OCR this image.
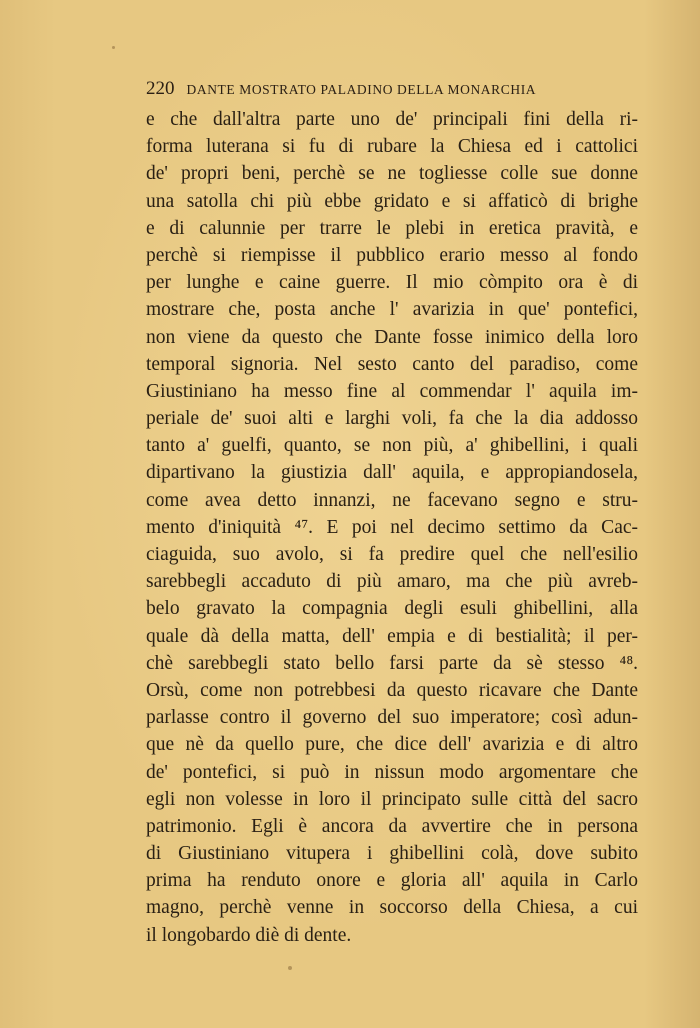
220 DANTE MOSTRATO PALADINO DELLA MONARCHIA
e che dall'altra parte uno de' principali fini della ri-
forma luterana si fu di rubare la Chiesa ed i cattolici
de' propri beni, perchè se ne togliesse colle sue donne
una satolla chi più ebbe gridato e si affaticò di brighe
e di calunnie per trarre le plebi in eretica pravità, e
perchè si riempisse il pubblico erario messo al fondo
per lunghe e caine guerre. Il mio còmpito ora è di
mostrare che, posta anche l' avarizia in que' pontefici,
non viene da questo che Dante fosse inimico della loro
temporal signoria. Nel sesto canto del paradiso, come
Giustiniano ha messo fine al commendar l' aquila im-
periale de' suoi alti e larghi voli, fa che la dia addosso
tanto a' guelfi, quanto, se non più, a' ghibellini, i quali
dipartivano la giustizia dall' aquila, e appropiandosela,
come avea detto innanzi, ne facevano segno e stru-
mento d'iniquità ⁴⁷. E poi nel decimo settimo da Cac-
ciaguida, suo avolo, si fa predire quel che nell'esilio
sarebbegli accaduto di più amaro, ma che più avreb-
belo gravato la compagnia degli esuli ghibellini, alla
quale dà della matta, dell' empia e di bestialità; il per-
chè sarebbegli stato bello farsi parte da sè stesso ⁴⁸.
Orsù, come non potrebbesi da questo ricavare che Dante
parlasse contro il governo del suo imperatore; così adun-
que nè da quello pure, che dice dell' avarizia e di altro
de' pontefici, si può in nissun modo argomentare che
egli non volesse in loro il principato sulle città del sacro
patrimonio. Egli è ancora da avvertire che in persona
di Giustiniano vitupera i ghibellini colà, dove subito
prima ha renduto onore e gloria all' aquila in Carlo
magno, perchè venne in soccorso della Chiesa, a cui
il longobardo diè di dente.
